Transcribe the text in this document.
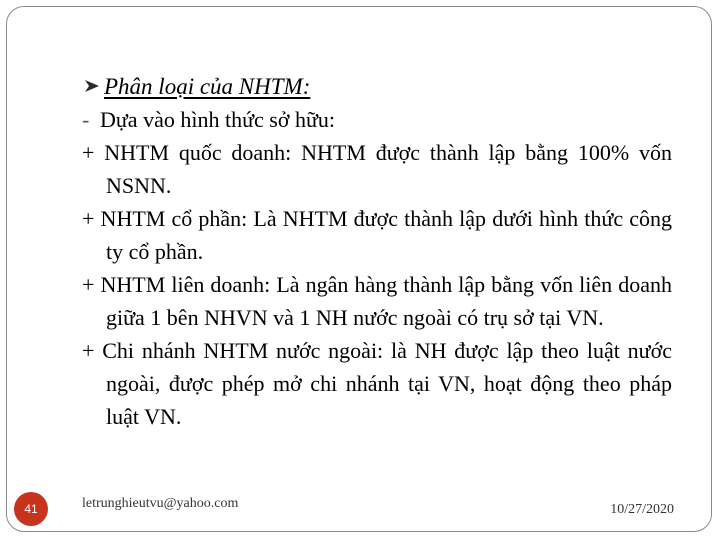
Phân loại của NHTM:
- Dựa vào hình thức sở hữu:

+ NHTM quốc doanh: NHTM được thành lập bằng 100% vốn NSNN.

+ NHTM cổ phần: Là NHTM được thành lập dưới hình thức công ty cổ phần.

+ NHTM liên doanh: Là ngân hàng thành lập bằng vốn liên doanh giữa 1 bên NHVN và 1 NH nước ngoài có trụ sở tại VN.

+ Chi nhánh NHTM nước ngoài: là NH được lập theo luật nước ngoài, được phép mở chi nhánh tại VN, hoạt động theo pháp luật VN.

41	letrunghieutvu@yahoo.com	10/27/2020
